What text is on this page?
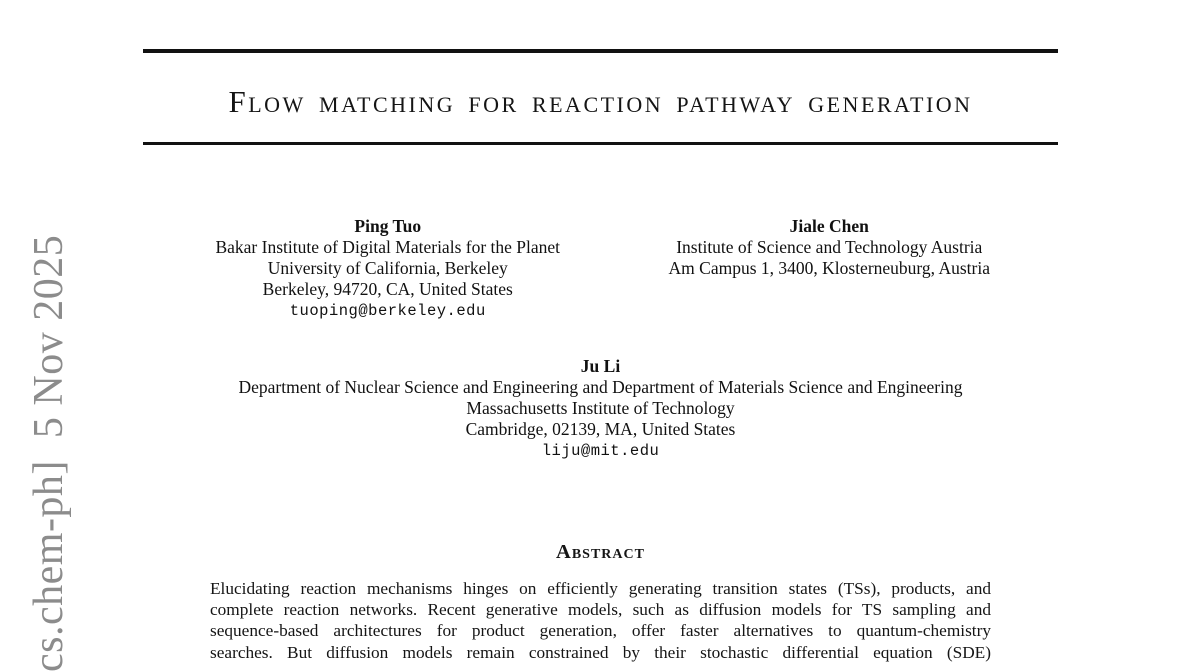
cs.chem-ph]  5 Nov 2025
Flow matching for reaction pathway generation
Ping Tuo
Bakar Institute of Digital Materials for the Planet
University of California, Berkeley
Berkeley, 94720, CA, United States
tuoping@berkeley.edu
Jiale Chen
Institute of Science and Technology Austria
Am Campus 1, 3400, Klosterneuburg, Austria
Ju Li
Department of Nuclear Science and Engineering and Department of Materials Science and Engineering
Massachusetts Institute of Technology
Cambridge, 02139, MA, United States
liju@mit.edu
Abstract
Elucidating reaction mechanisms hinges on efficiently generating transition states (TSs), products, and
complete reaction networks. Recent generative models, such as diffusion models for TS sampling and
sequence-based architectures for product generation, offer faster alternatives to quantum-chemistry
searches. But diffusion models remain constrained by their stochastic differential equation (SDE)
